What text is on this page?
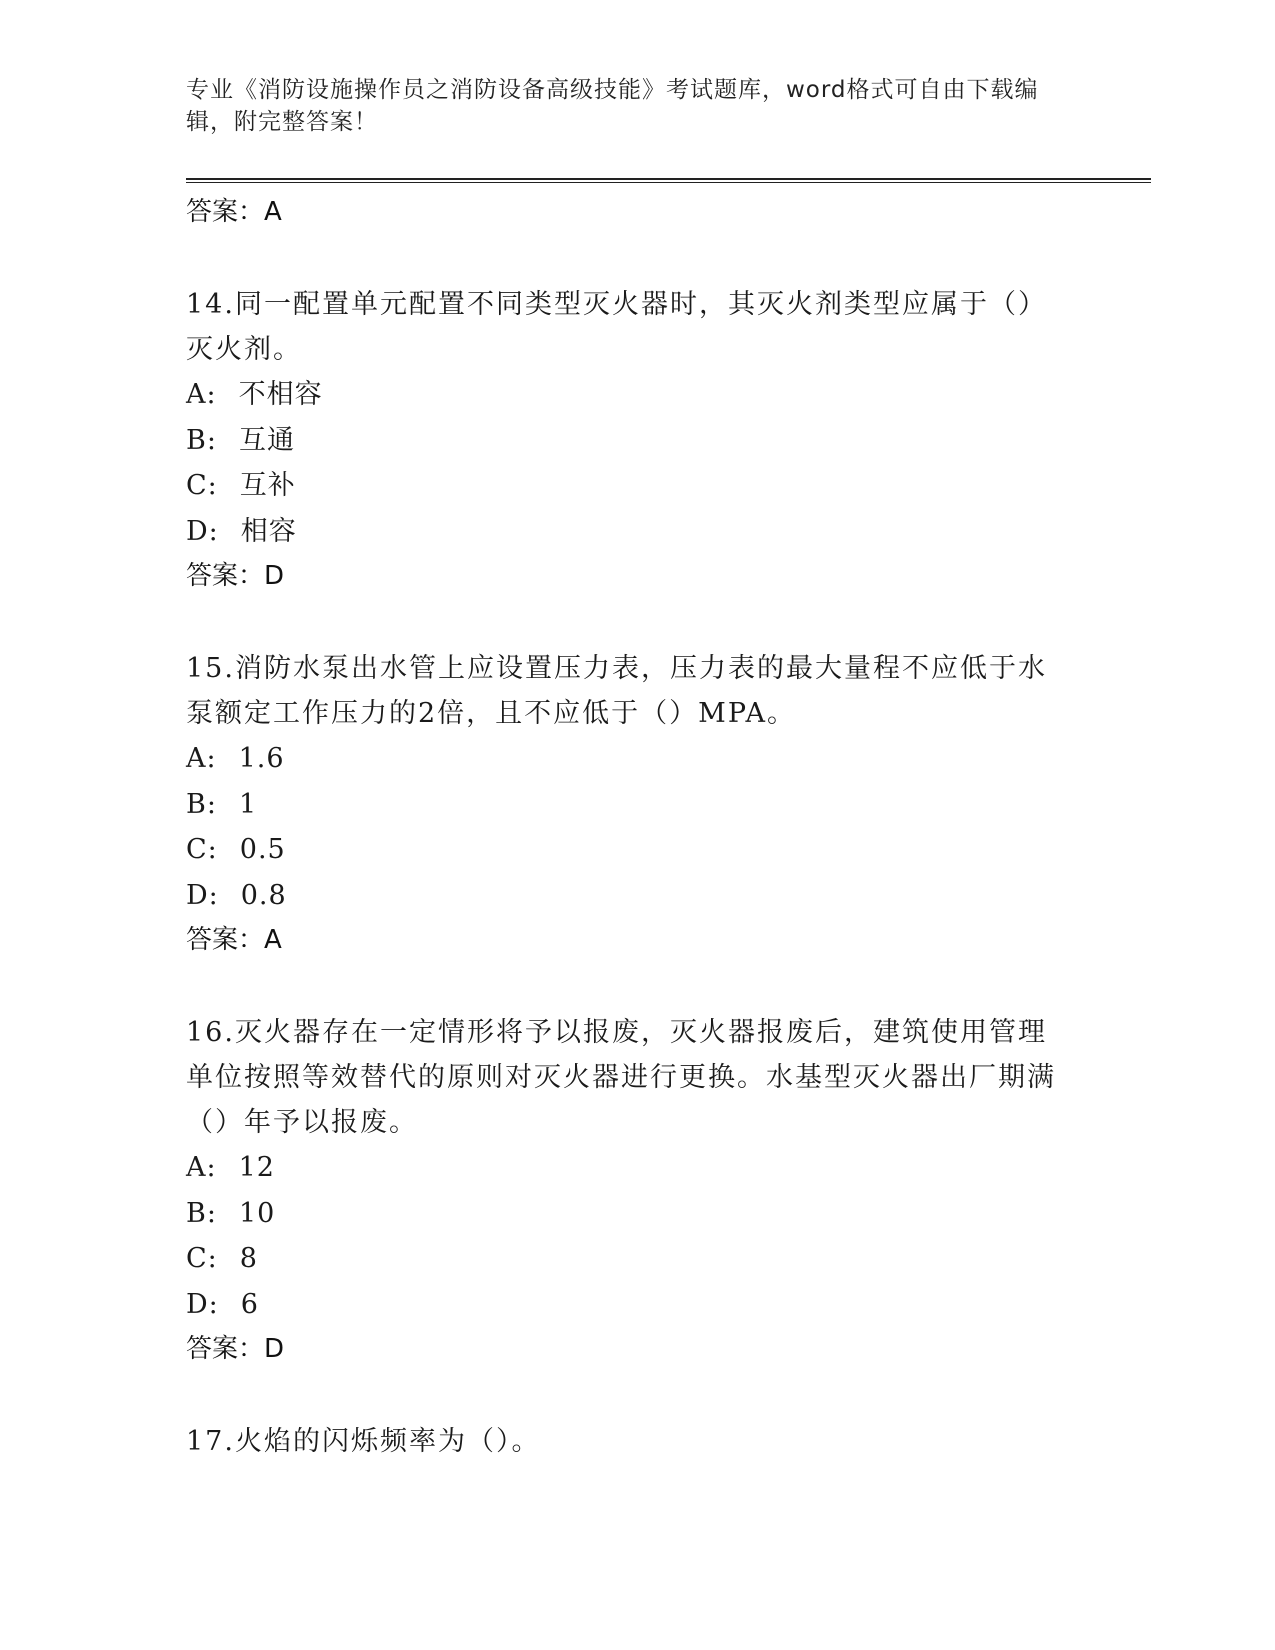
专业《消防设施操作员之消防设备高级技能》考试题库，word格式可自由下载编辑，附完整答案！
答案：A
14.同一配置单元配置不同类型灭火器时，其灭火剂类型应属于（）灭火剂。
A: 不相容
B: 互通
C: 互补
D: 相容
答案：D
15.消防水泵出水管上应设置压力表，压力表的最大量程不应低于水泵额定工作压力的2倍，且不应低于（）MPA。
A: 1.6
B: 1
C: 0.5
D: 0.8
答案：A
16.灭火器存在一定情形将予以报废，灭火器报废后，建筑使用管理单位按照等效替代的原则对灭火器进行更换。水基型灭火器出厂期满（）年予以报废。
A: 12
B: 10
C: 8
D: 6
答案：D
17.火焰的闪烁频率为（）。
